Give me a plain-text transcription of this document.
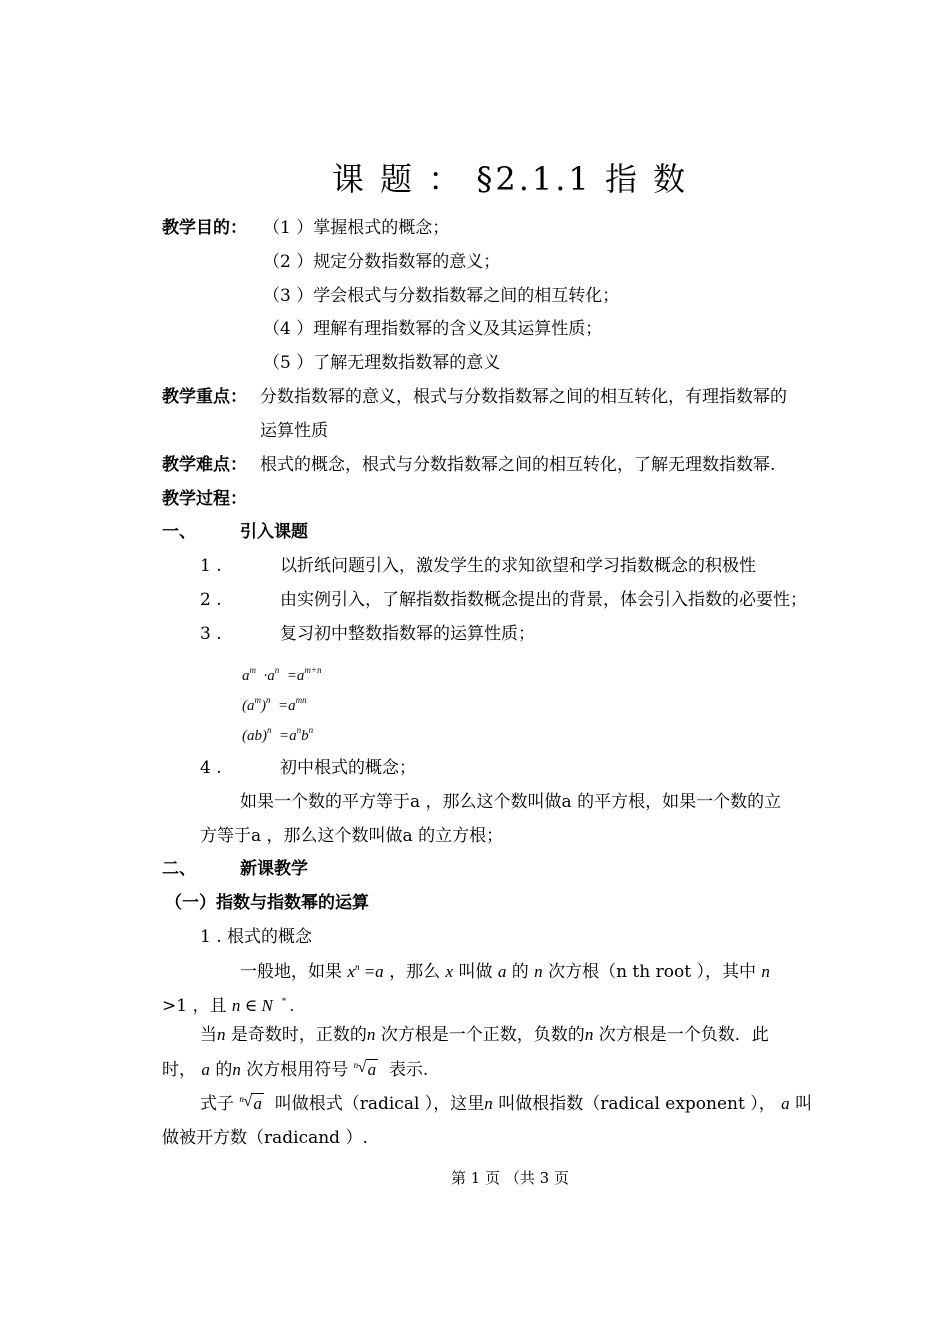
课 题 ： §2.1.1 指 数
教学目的： （1 ）掌握根式的概念；
（2 ）规定分数指数幂的意义；
（3 ）学会根式与分数指数幂之间的相互转化；
（4 ）理解有理指数幂的含义及其运算性质；
（5 ）了解无理数指数幂的意义
教学重点： 分数指数幂的意义，根式与分数指数幂之间的相互转化，有理指数幂的
运算性质
教学难点： 根式的概念，根式与分数指数幂之间的相互转化，了解无理数指数幂.
教学过程：
一、	引入课题
1 .	以折纸问题引入，激发学生的求知欲望和学习指数概念的积极性
2 .	由实例引入，了解指数指数概念提出的背景，体会引入指数的必要性；
3 .	复习初中整数指数幂的运算性质；
$a^m \cdot a^n =a^{m+n}$
$(a^m)^n =a^{mn}$
$(ab)^n =a^nb^n$
4 .	初中根式的概念；
如果一个数的平方等于a ，那么这个数叫做a 的平方根，如果一个数的立
方等于a ，那么这个数叫做a 的立方根；
二、	新课教学
（一）指数与指数幂的运算
1 . 根式的概念
一般地，如果 $x^n =a$ ，那么 x 叫做 a 的 n 次方根（n th root ），其中 n
>1 ，且 n ∈ N  * .
当n 是奇数时，正数的n 次方根是一个正数，负数的n 次方根是一个负数．此
时， a 的n 次方根用符号 n √ a 表示.
式子 n √ a 叫做根式（radical ），这里n 叫做根指数（radical exponent ）， a 叫
做被开方数（radicand ）.
第 1 页 （共 3 页
